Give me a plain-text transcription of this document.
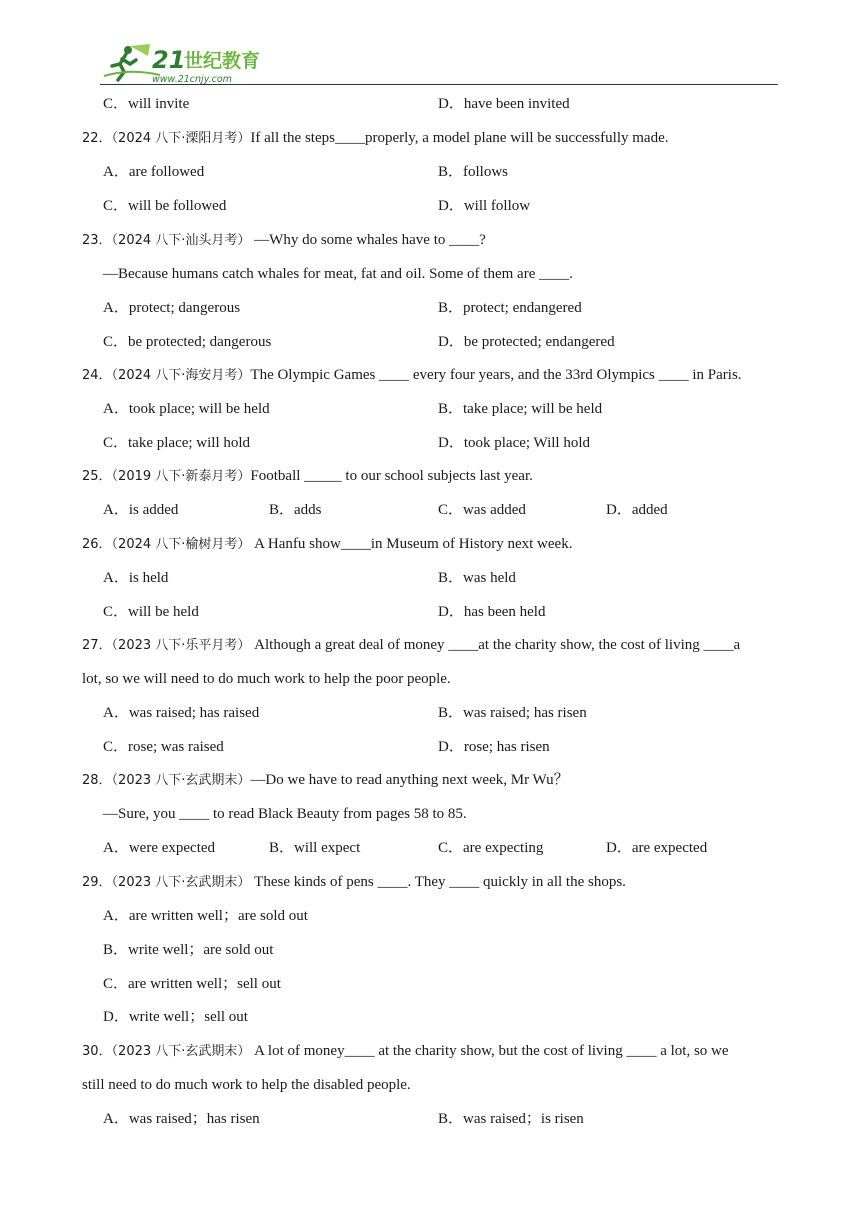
21
世纪教育
www.21cnjy.com
C．will invite	D．have been invited
22．（2024 八下·溧阳月考）If all the steps____properly, a model plane will be successfully made.
A．are followed	B．follows
C．will be followed	D．will follow
23．（2024 八下·汕头月考） —Why do some whales have to ____?
—Because humans catch whales for meat, fat and oil. Some of them are ____.
A．protect; dangerous	B．protect; endangered
C．be protected; dangerous	D．be protected; endangered
24．（2024 八下·海安月考）The Olympic Games ____ every four years, and the 33rd Olympics ____ in Paris.
A．took place; will be held	B．take place; will be held
C．take place; will hold	D．took place; Will hold
25．（2019 八下·新泰月考）Football _____ to our school subjects last year.
A．is added	B．adds	C．was added	D．added
26．（2024 八下·榆树月考） A Hanfu show____in Museum of History next week.
A．is held	B．was held
C．will be held	D．has been held
27．（2023 八下·乐平月考） Although a great deal of money ____at the charity show, the cost of living ____a
lot, so we will need to do much work to help the poor people.
A．was raised; has raised	B．was raised; has risen
C．rose; was raised	D．rose; has risen
28．（2023 八下·玄武期末）—Do we have to read anything next week, Mr Wu？
—Sure, you ____ to read Black Beauty from pages 58 to 85.
A．were expected	B．will expect	C．are expecting	D．are expected
29．（2023 八下·玄武期末） These kinds of pens ____. They ____ quickly in all the shops.
A．are written well；are sold out
B．write well；are sold out
C．are written well；sell out
D．write well；sell out
30．（2023 八下·玄武期末） A lot of money____ at the charity show, but the cost of living ____ a lot, so we
still need to do much work to help the disabled people.
A．was raised；has risen	B．was raised；is risen
